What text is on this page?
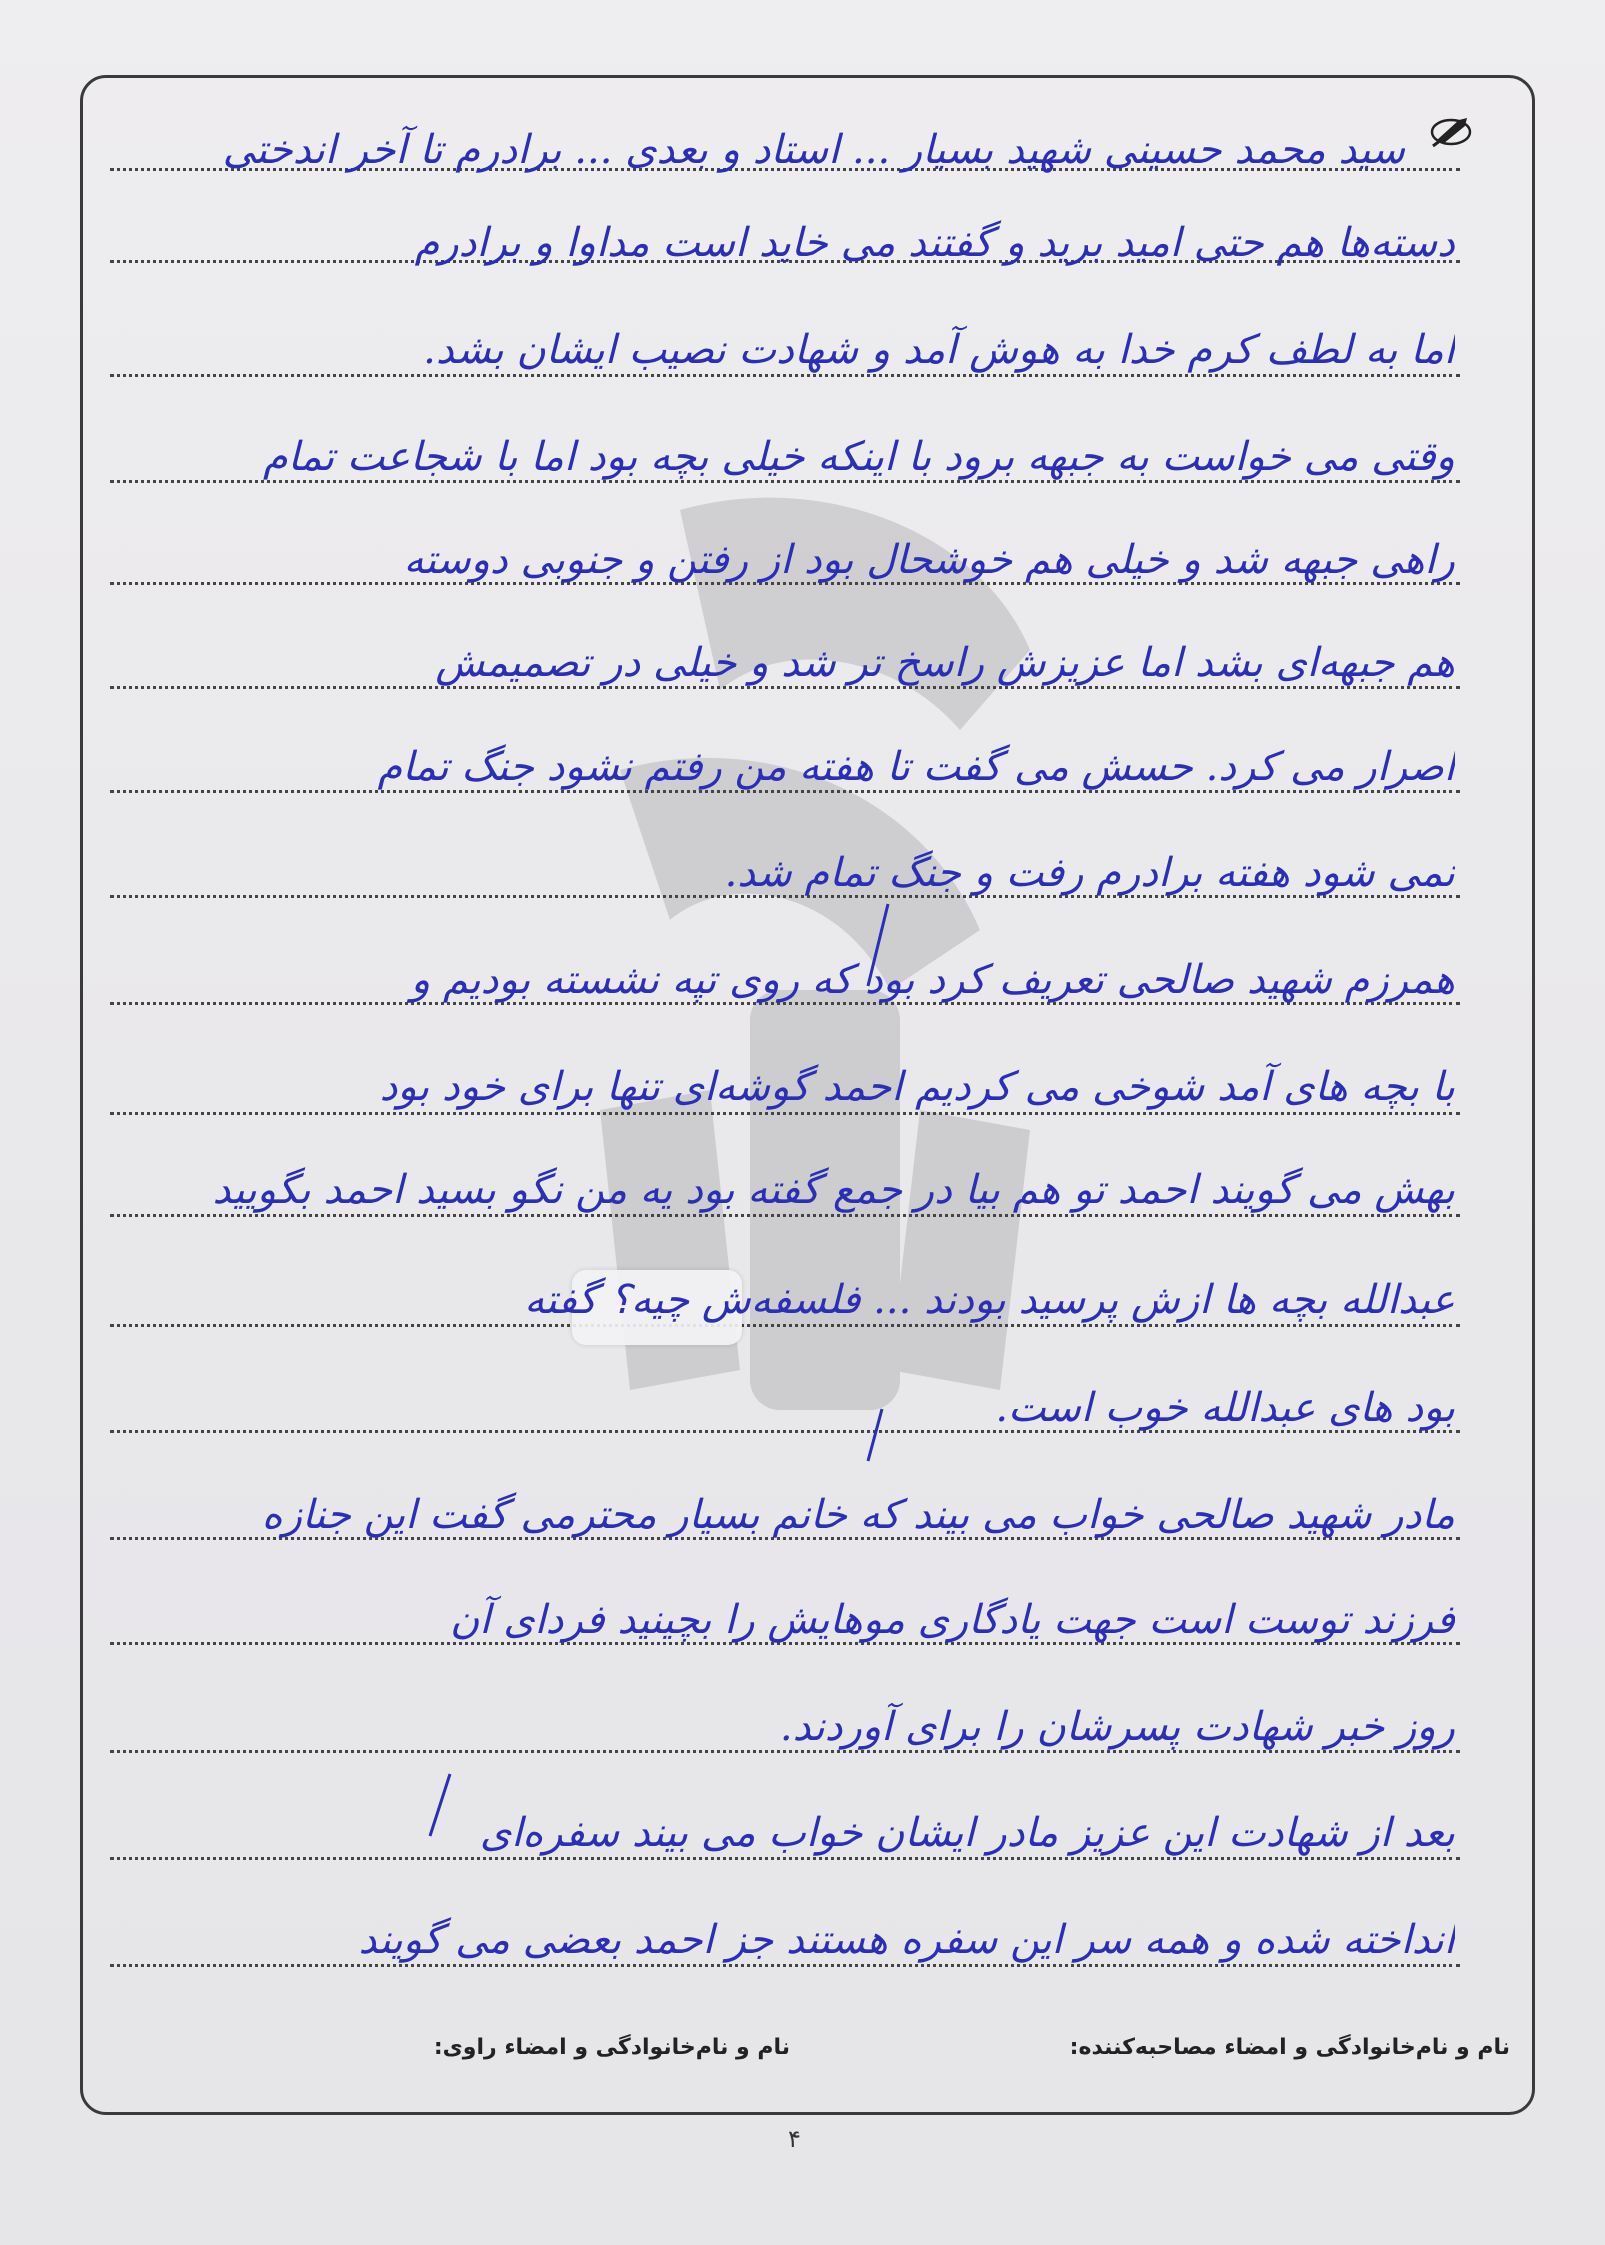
سید محمد حسینی شهید بسیار ... استاد و بعدی ... برادرم تا آخر اندختی
دسته‌ها هم حتی امید برید و گفتند می خاید است مداوا و برادرم
اما به لطف کرم خدا به هوش آمد و شهادت نصیب ایشان بشد.
وقتی می خواست به جبهه برود با اینکه خیلی بچه بود اما با شجاعت تمام
راهی جبهه شد و خیلی هم خوشحال بود از رفتن و جنوبی دوسته
هم جبهه‌ای بشد اما عزیزش راسخ تر شد و خیلی در تصمیمش
اصرار می کرد. حسش می گفت تا هفته من رفتم نشود جنگ تمام
نمی شود هفته برادرم رفت و جنگ تمام شد.
همرزم شهید صالحی تعریف کرد بود که روی تپه نشسته بودیم و
با بچه های آمد شوخی می کردیم احمد گوشه‌ای تنها برای خود بود
بهش می گویند احمد تو هم بیا در جمع گفته بود یه من نگو بسید احمد بگویید
عبدالله بچه ها ازش پرسید بودند ... فلسفه‌ش چیه؟ گفته
بود های عبدالله خوب است.
مادر شهید صالحی خواب می بیند که خانم بسیار محترمی گفت این جنازه
فرزند توست است جهت یادگاری موهایش را بچینید فردای آن
روز خبر شهادت پسرشان را برای آوردند.
بعد از شهادت این عزیز مادر ایشان خواب می بیند سفره‌ای
انداخته شده و همه سر این سفره هستند جز احمد بعضی می گویند
نام و نام‌خانوادگی و امضاء مصاحبه‌کننده:
نام و نام‌خانوادگی و امضاء راوی:
۴
